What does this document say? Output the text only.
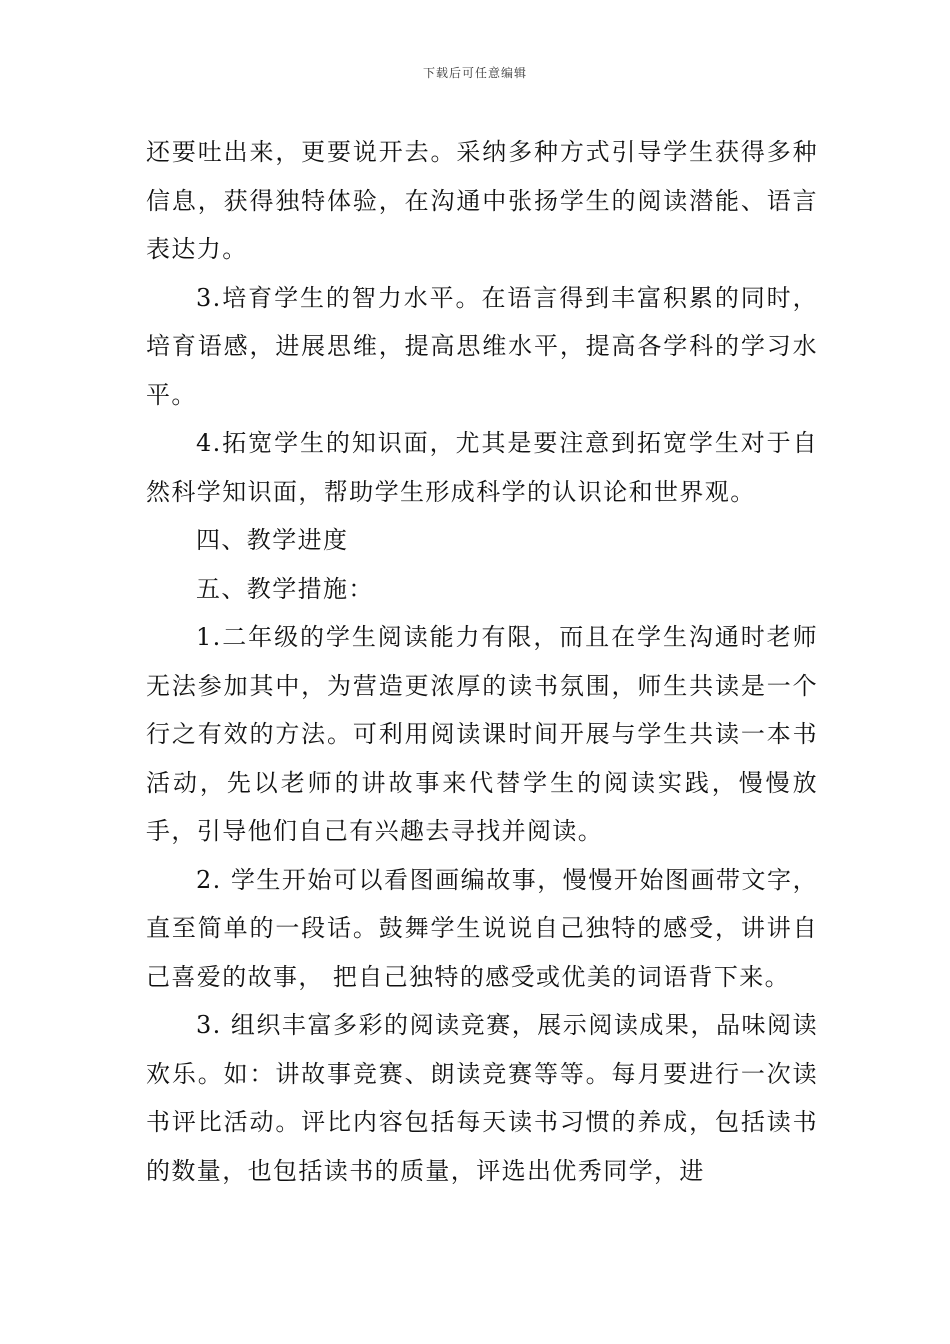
下载后可任意编辑

还要吐出来，更要说开去。采纳多种方式引导学生获得多种信息，获得独特体验，在沟通中张扬学生的阅读潜能、语言表达力。

3.培育学生的智力水平。在语言得到丰富积累的同时，培育语感，进展思维，提高思维水平，提高各学科的学习水平。

4.拓宽学生的知识面，尤其是要注意到拓宽学生对于自然科学知识面，帮助学生形成科学的认识论和世界观。

四、教学进度

五、教学措施：

1.二年级的学生阅读能力有限，而且在学生沟通时老师无法参加其中，为营造更浓厚的读书氛围，师生共读是一个行之有效的方法。可利用阅读课时间开展与学生共读一本书活动，先以老师的讲故事来代替学生的阅读实践，慢慢放手，引导他们自己有兴趣去寻找并阅读。

2. 学生开始可以看图画编故事，慢慢开始图画带文字，直至简单的一段话。鼓舞学生说说自己独特的感受，讲讲自己喜爱的故事， 把自己独特的感受或优美的词语背下来。

3. 组织丰富多彩的阅读竞赛，展示阅读成果，品味阅读欢乐。如：讲故事竞赛、朗读竞赛等等。每月要进行一次读书评比活动。评比内容包括每天读书习惯的养成，包括读书的数量，也包括读书的质量，评选出优秀同学，进
